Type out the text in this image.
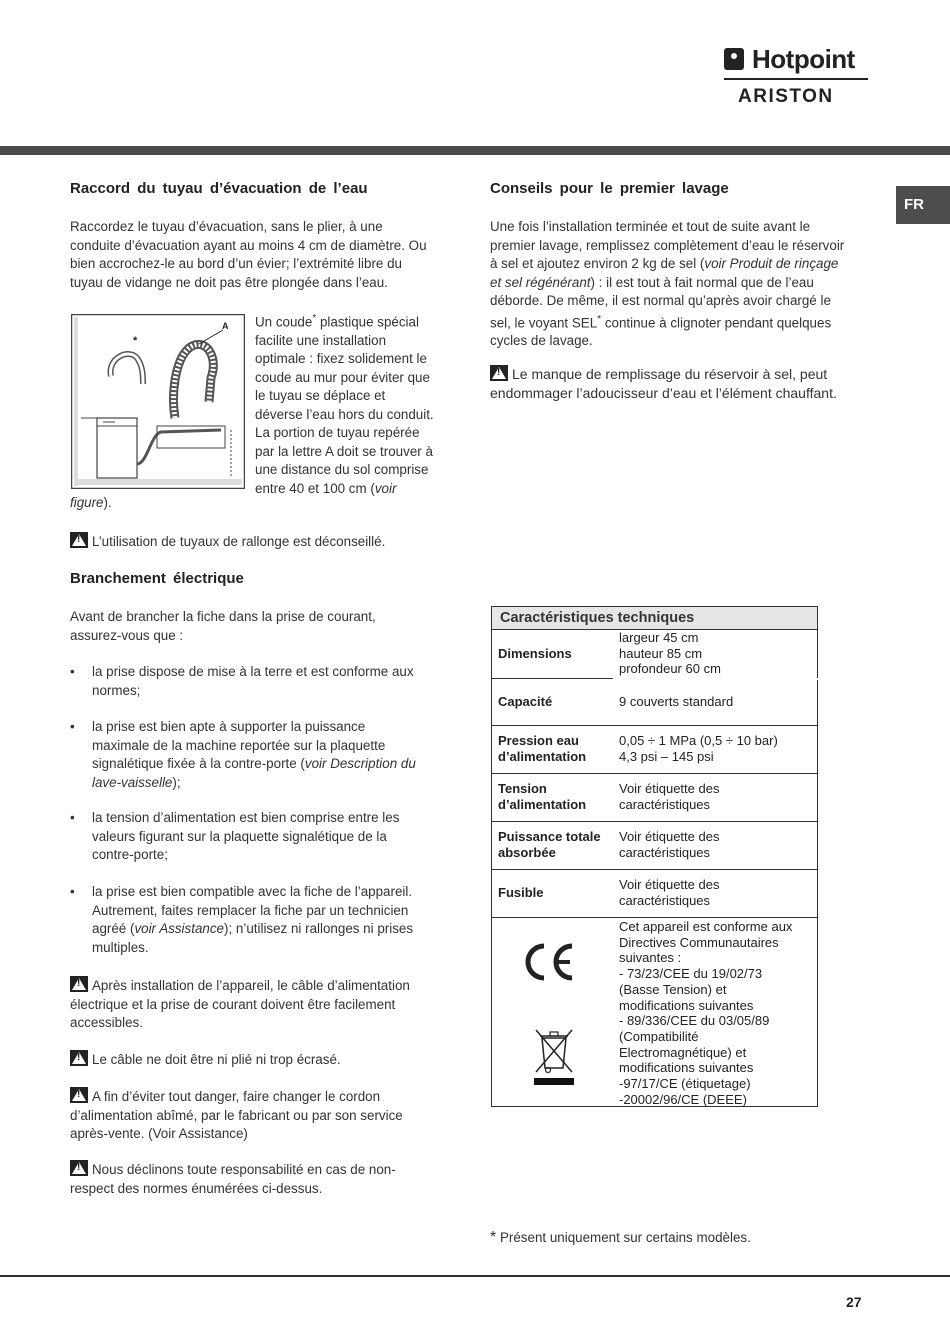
Hotpoint
ARISTON
FR
Raccord du tuyau d’évacuation de l’eau
Raccordez le tuyau d’évacuation, sans le plier, à une
conduite d’évacuation ayant au moins 4 cm de diamètre. Ou
bien accrochez-le au bord d’un évier; l’extrémité libre du
tuyau de vidange ne doit pas être plongée dans l’eau.
*
A Un coude* plastique spécial
facilite une installation
optimale : fixez solidement le
coude au mur pour éviter que
le tuyau se déplace et
déverse l’eau hors du conduit.
La portion de tuyau repérée
par la lettre A doit se trouver à
une distance du sol comprise
entre 40 et 100 cm (voir
figure).
!L’utilisation de tuyaux de rallonge est déconseillé.
Branchement électrique
Avant de brancher la fiche dans la prise de courant,
assurez-vous que :
• la prise dispose de mise à la terre et est conforme aux
normes;
• la prise est bien apte à supporter la puissance
maximale de la machine reportée sur la plaquette
signalétique fixée à la contre-porte (voir Description du
lave-vaisselle);
• la tension d’alimentation est bien comprise entre les
valeurs figurant sur la plaquette signalétique de la
contre-porte;
• la prise est bien compatible avec la fiche de l’appareil.
Autrement, faites remplacer la fiche par un technicien
agréé (voir Assistance); n’utilisez ni rallonges ni prises
multiples.
!Après installation de l’appareil, le câble d’alimentation
électrique et la prise de courant doivent être facilement
accessibles.
!Le câble ne doit être ni plié ni trop écrasé.
!A fin d’éviter tout danger, faire changer le cordon
d’alimentation abîmé, par le fabricant ou par son service
après-vente. (Voir Assistance)
!Nous déclinons toute responsabilité en cas de non-
respect des normes énumérées ci-dessus.
Conseils pour le premier lavage
Une fois l’installation terminée et tout de suite avant le
premier lavage, remplissez complètement d’eau le réservoir
à sel et ajoutez environ 2 kg de sel (voir Produit de rinçage
et sel régénérant) : il est tout à fait normal que de l’eau
déborde. De même, il est normal qu’après avoir chargé le
sel, le voyant SEL* continue à clignoter pendant quelques
cycles de lavage.
!Le manque de remplissage du réservoir à sel, peut
endommager l’adoucisseur d’eau et l’élément chauffant.
Caractéristiques techniques
Dimensions
largeur 45 cm
hauteur 85 cm
profondeur 60 cm
Capacité	9 couverts standard
Pression eau
d’alimentation
0,05 ÷ 1 MPa (0,5 ÷ 10 bar)
4,3 psi – 145 psi
Tension
d’alimentation
Voir étiquette des
caractéristiques
Puissance totale
absorbée
Voir étiquette des
caractéristiques
Fusible
Voir étiquette des
caractéristiques
Cet appareil est conforme aux
Directives Communautaires
suivantes :
- 73/23/CEE du 19/02/73
(Basse Tension) et
modifications suivantes
- 89/336/CEE du 03/05/89
(Compatibilité
Electromagnétique) et
modifications suivantes
-97/17/CE (étiquetage)
-20002/96/CE (DEEE)
* Présent uniquement sur certains modèles.
27
